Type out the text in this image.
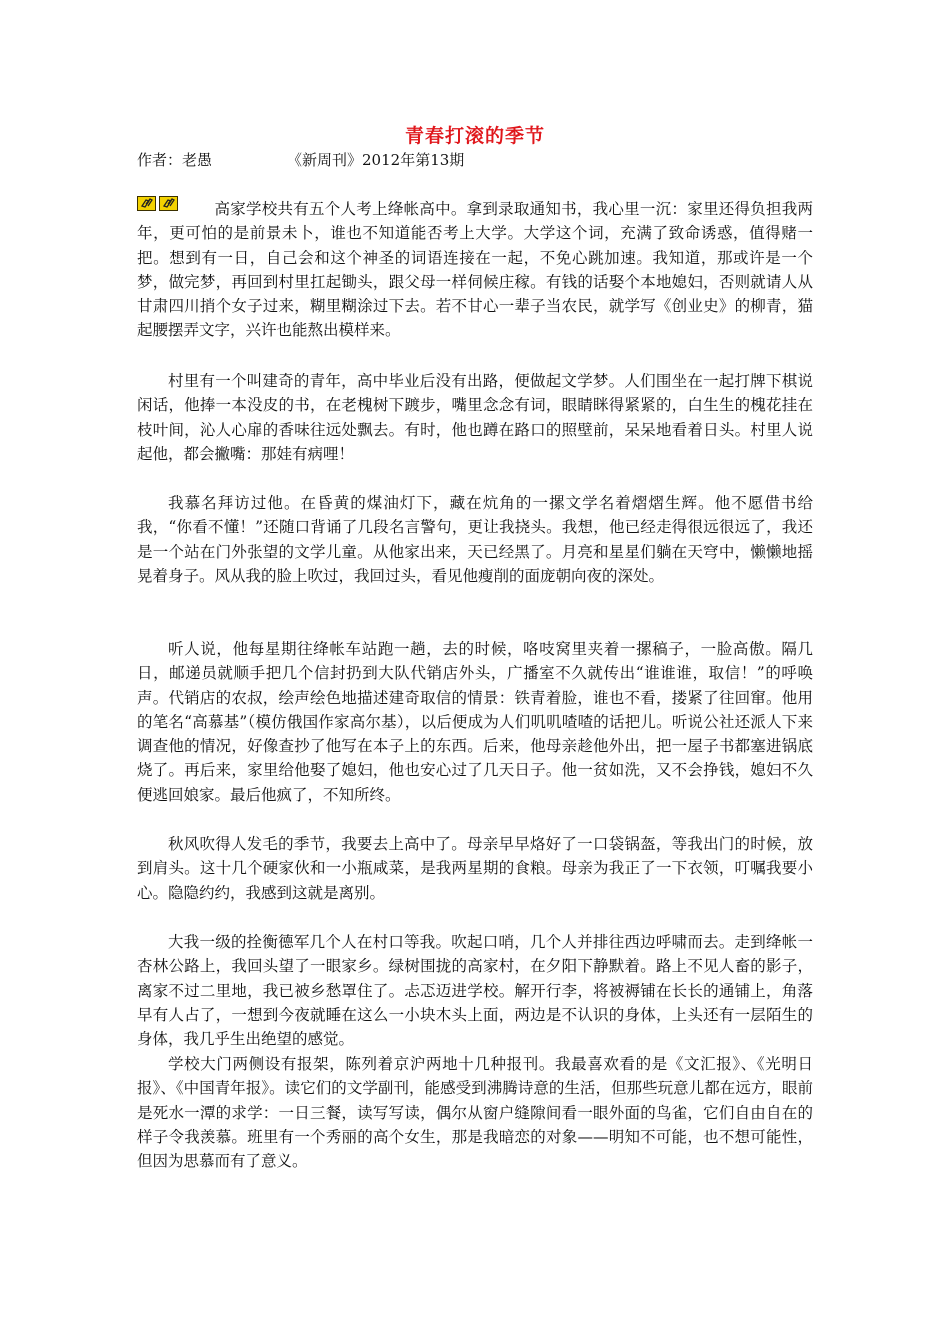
青春打滚的季节
作者：老愚	《新周刊》2012年第13期

高家学校共有五个人考上绛帐高中。拿到录取通知书，我心里一沉：家里还得负担我两年，更可怕的是前景未卜，谁也不知道能否考上大学。大学这个词，充满了致命诱惑，值得赌一把。想到有一日，自己会和这个神圣的词语连接在一起，不免心跳加速。我知道，那或许是一个梦，做完梦，再回到村里扛起锄头，跟父母一样伺候庄稼。有钱的话娶个本地媳妇，否则就请人从甘肃四川捎个女子过来，糊里糊涂过下去。若不甘心一辈子当农民，就学写《创业史》的柳青，猫起腰摆弄文字，兴许也能熬出模样来。

村里有一个叫建奇的青年，高中毕业后没有出路，便做起文学梦。人们围坐在一起打牌下棋说闲话，他捧一本没皮的书，在老槐树下踱步，嘴里念念有词，眼睛眯得紧紧的，白生生的槐花挂在枝叶间，沁人心扉的香味往远处飘去。有时，他也蹲在路口的照壁前，呆呆地看着日头。村里人说起他，都会撇嘴：那娃有病哩！

我慕名拜访过他。在昏黄的煤油灯下，藏在炕角的一摞文学名着熠熠生辉。他不愿借书给我，“你看不懂！”还随口背诵了几段名言警句，更让我挠头。我想，他已经走得很远很远了，我还是一个站在门外张望的文学儿童。从他家出来，天已经黑了。月亮和星星们躺在天穹中，懒懒地摇晃着身子。风从我的脸上吹过，我回过头，看见他瘦削的面庞朝向夜的深处。

听人说，他每星期往绛帐车站跑一趟，去的时候，咯吱窝里夹着一摞稿子，一脸高傲。隔几日，邮递员就顺手把几个信封扔到大队代销店外头，广播室不久就传出“谁谁谁，取信！”的呼唤声。代销店的农叔，绘声绘色地描述建奇取信的情景：铁青着脸，谁也不看，搂紧了往回窜。他用的笔名“高慕基”（模仿俄国作家高尔基），以后便成为人们叽叽喳喳的话把儿。听说公社还派人下来调查他的情况，好像查抄了他写在本子上的东西。后来，他母亲趁他外出，把一屋子书都塞进锅底烧了。再后来，家里给他娶了媳妇，他也安心过了几天日子。他一贫如洗，又不会挣钱，媳妇不久便逃回娘家。最后他疯了，不知所终。

秋风吹得人发毛的季节，我要去上高中了。母亲早早烙好了一口袋锅盔，等我出门的时候，放到肩头。这十几个硬家伙和一小瓶咸菜，是我两星期的食粮。母亲为我正了一下衣领，叮嘱我要小心。隐隐约约，我感到这就是离别。

大我一级的拴衡德军几个人在村口等我。吹起口哨，几个人并排往西边呼啸而去。走到绛帐一杏林公路上，我回头望了一眼家乡。绿树围拢的高家村，在夕阳下静默着。路上不见人畜的影子，离家不过二里地，我已被乡愁罩住了。忐忑迈进学校。解开行李，将被褥铺在长长的通铺上，角落早有人占了，一想到今夜就睡在这么一小块木头上面，两边是不认识的身体，上头还有一层陌生的身体，我几乎生出绝望的感觉。

学校大门两侧设有报架，陈列着京沪两地十几种报刊。我最喜欢看的是《文汇报》、《光明日报》、《中国青年报》。读它们的文学副刊，能感受到沸腾诗意的生活，但那些玩意儿都在远方，眼前是死水一潭的求学：一日三餐，读写写读，偶尔从窗户缝隙间看一眼外面的鸟雀，它们自由自在的样子令我羡慕。班里有一个秀丽的高个女生，那是我暗恋的对象——明知不可能，也不想可能性，但因为思慕而有了意义。
